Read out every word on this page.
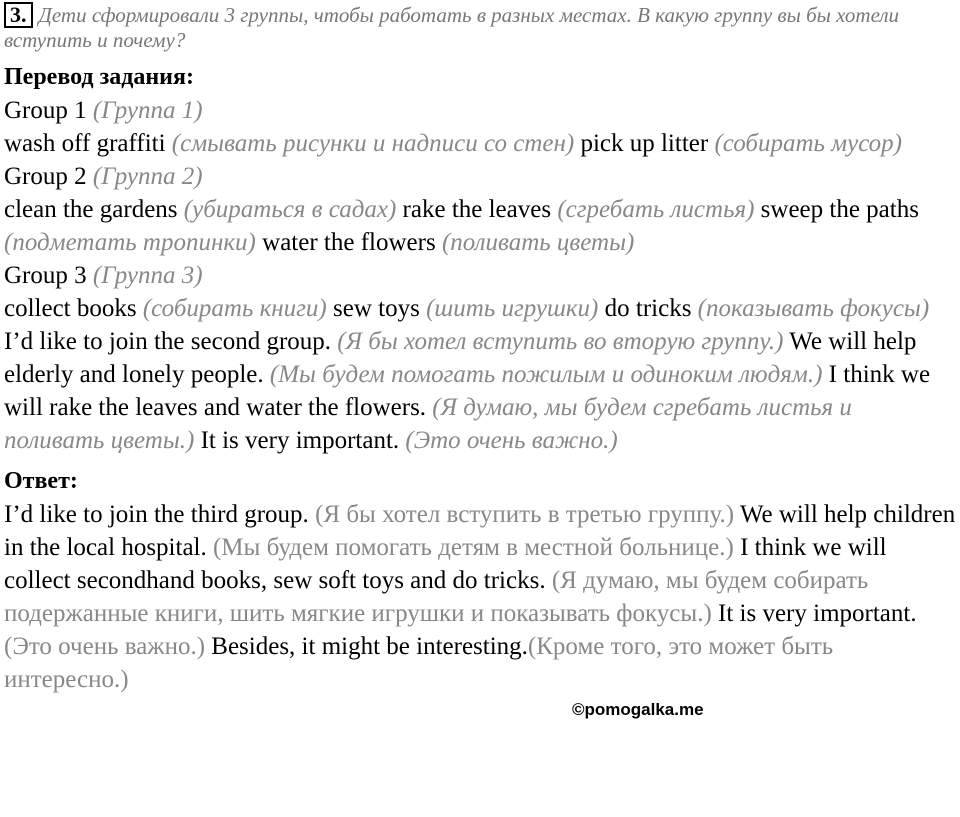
3. Дети сформировали 3 группы, чтобы работать в разных местах. В какую группу вы бы хотели вступить и почему?

Перевод задания:

Group 1 (Группа 1)

wash off graffiti (смывать рисунки и надписи со стен) pick up litter (собирать мусор)

Group 2 (Группа 2)

clean the gardens (убираться в садах) rake the leaves (сгребать листья) sweep the paths (подметать тропинки) water the flowers (поливать цветы)

Group 3 (Группа 3)

collect books (собирать книги) sew toys (шить игрушки) do tricks (показывать фокусы)

I’d like to join the second group. (Я бы хотел вступить во вторую группу.) We will help elderly and lonely people. (Мы будем помогать пожилым и одиноким людям.) I think we will rake the leaves and water the flowers. (Я думаю, мы будем сгребать листья и поливать цветы.) It is very important. (Это очень важно.)

Ответ:

I’d like to join the third group. (Я бы хотел вступить в третью группу.) We will help children in the local hospital. (Мы будем помогать детям в местной больнице.) I think we will collect secondhand books, sew soft toys and do tricks. (Я думаю, мы будем собирать подержанные книги, шить мягкие игрушки и показывать фокусы.) It is very important. (Это очень важно.) Besides, it might be interesting.(Кроме того, это может быть интересно.)

©pomogalka.me
